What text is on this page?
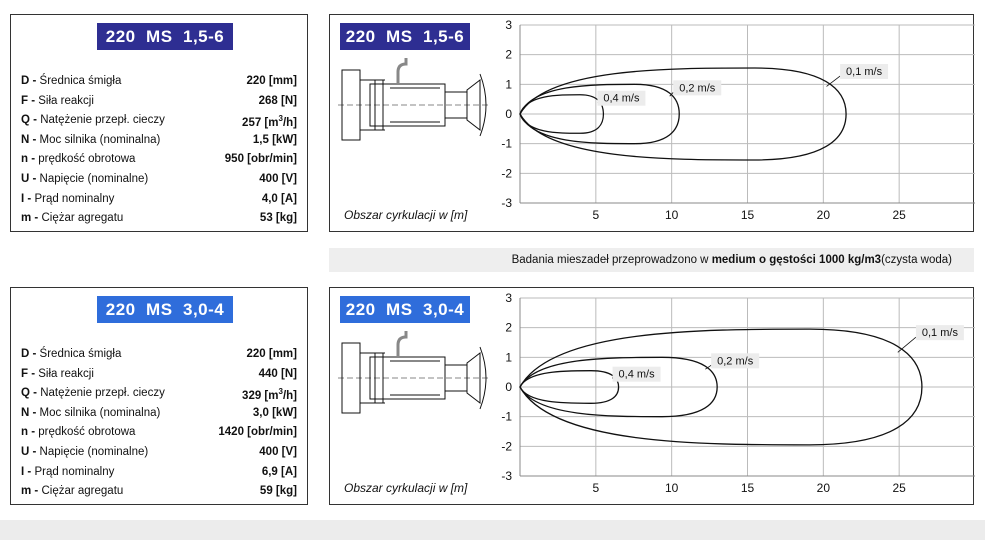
220  MS  1,5-6
D - Średnica śmigła	220 [mm]
F - Siła reakcji	268 [N]
Q - Natężenie przepł. cieczy	257 $[m^3/h]$
N - Moc silnika (nominalna)	1,5 [kW]
n - prędkość obrotowa	950 [obr/min]
U - Napięcie (nominalne)	400 [V]
I - Prąd nominalny	4,0 [A]
m - Ciężar agregatu	53 [kg]
3
2
1
0
-1
-2
-3
5	10	15	20	25
Obszar cyrkulacji w [m]
0,4 m/s
0,2 m/s
0,1 m/s
220  MS  1,5-6
Badania mieszadeł przeprowadzono w medium o gęstości 1000 kg/m3(czysta woda)
220  MS  3,0-4
D - Średnica śmigła	220 [mm]
F - Siła reakcji	440 [N]
Q - Natężenie przepł. cieczy	329 $[m^3/h]$
N - Moc silnika (nominalna)	3,0 [kW]
n - prędkość obrotowa	1420 [obr/min]
U - Napięcie (nominalne)	400 [V]
I - Prąd nominalny	6,9 [A]
m - Ciężar agregatu	59 [kg]
3
2
1
0
-1
-2
-3
5	10	15	20	25
Obszar cyrkulacji w [m]
0,4 m/s
0,2 m/s
0,1 m/s
220  MS  3,0-4
